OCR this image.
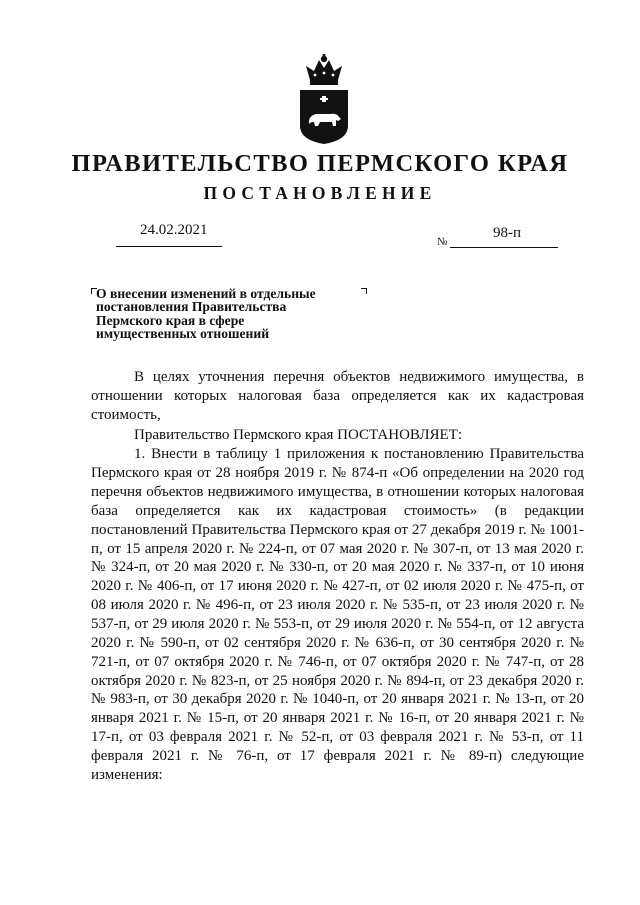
ПРАВИТЕЛЬСТВО ПЕРМСКОГО КРАЯ
ПОСТАНОВЛЕНИЕ
24.02.2021
№
98-п
О внесении изменений в отдельные
постановления Правительства
Пермского края в сфере
имущественных отношений

В целях уточнения перечня объектов недвижимого имущества, в отношении которых налоговая база определяется как их кадастровая стоимость,

Правительство Пермского края ПОСТАНОВЛЯЕТ:

1. Внести в таблицу 1 приложения к постановлению Правительства Пермского края от 28 ноября 2019 г. № 874-п «Об определении на 2020 год перечня объектов недвижимого имущества, в отношении которых налоговая база определяется как их кадастровая стоимость» (в редакции постановлений Правительства Пермского края от 27 декабря 2019 г. № 1001-п, от 15 апреля 2020 г. № 224-п, от 07 мая 2020 г. № 307-п, от 13 мая 2020 г. № 324-п, от 20 мая 2020 г. № 330-п, от 20 мая 2020 г. № 337-п, от 10 июня 2020 г. № 406-п, от 17 июня 2020 г. № 427-п, от 02 июля 2020 г. № 475-п, от 08 июля 2020 г. № 496-п, от 23 июля 2020 г. № 535-п, от 23 июля 2020 г. № 537-п, от 29 июля 2020 г. № 553-п, от 29 июля 2020 г. № 554-п, от 12 августа 2020 г. № 590-п, от 02 сентября 2020 г. № 636-п, от 30 сентября 2020 г. № 721-п, от 07 октября 2020 г. № 746-п, от 07 октября 2020 г. № 747-п, от 28 октября 2020 г. № 823-п, от 25 ноября 2020 г. № 894-п, от 23 декабря 2020 г. № 983-п, от 30 декабря 2020 г. № 1040-п, от 20 января 2021 г. № 13-п, от 20 января 2021 г. № 15-п, от 20 января 2021 г. № 16-п, от 20 января 2021 г. № 17-п, от 03 февраля 2021 г. № 52-п, от 03 февраля 2021 г. № 53-п, от 11 февраля 2021 г. № 76-п, от 17 февраля 2021 г. № 89-п) следующие изменения:
